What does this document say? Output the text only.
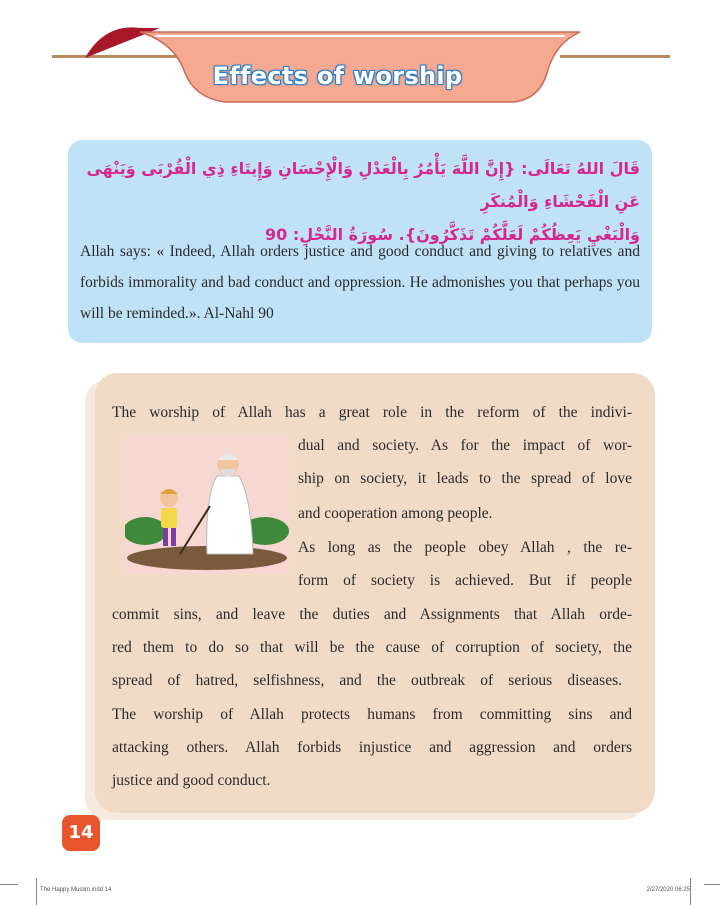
Effects of worship
قَالَ اللهُ تَعَالَى: {إِنَّ اللَّهَ يَأْمُرُ بِالْعَدْلِ وَالْإِحْسَانِ وَإِيتَاءِ ذِي الْقُرْبَى وَيَنْهَى عَنِ الْفَحْشَاءِ وَالْمُنكَرِ
وَالْبَغْيِ يَعِظُكُمْ لَعَلَّكُمْ تَذَكَّرُونَ}. سُورَةُ النَّحْلِ: 90
Allah says: « Indeed, Allah orders justice and good conduct and giving to relatives and forbids immorality and bad conduct and oppression. He admonishes you that perhaps you will be reminded.». Al-Nahl 90

The worship of Allah has a great role in the reform of the indivi-

dual and society. As for the impact of wor-

ship on society, it leads to the spread of love

and cooperation among people.

As long as the people obey Allah , the re-

form of society is achieved. But if people

commit sins, and leave the duties and Assignments that Allah orde-

red them to do so that will be the cause of corruption of society, the

spread of hatred, selfishness, and the outbreak of serious diseases.

The worship of Allah protects humans from committing sins and

attacking others. Allah forbids injustice and aggression and orders

justice and good conduct.

14
The Happy Muslim.indd 14	2/27/2020 06:25
